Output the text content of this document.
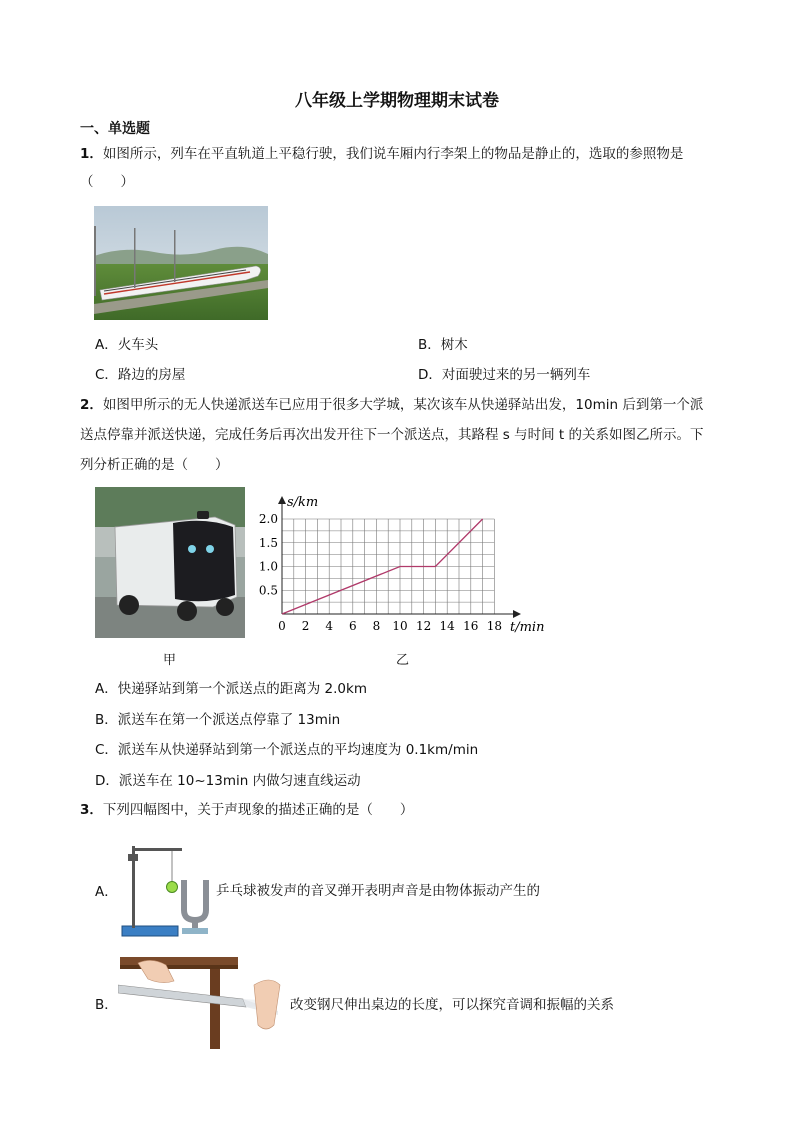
八年级上学期物理期末试卷
一、单选题
1．如图所示，列车在平直轨道上平稳行驶，我们说车厢内行李架上的物品是静止的，选取的参照物是
（　　）
A．火车头	B．树木
C．路边的房屋	D．对面驶过来的另一辆列车
2．如图甲所示的无人快递派送车已应用于很多大学城，某次该车从快递驿站出发，10min 后到第一个派
送点停靠并派送快递，完成任务后再次出发开往下一个派送点，其路程 s 与时间 t 的关系如图乙所示。下
列分析正确的是（　　）
0 2 4 6 8 10 12 14 16 18
0.5
1.0
1.5
2.0
s/km
t/min
甲	乙
A．快递驿站到第一个派送点的距离为 2.0km
B．派送车在第一个派送点停靠了 13min
C．派送车从快递驿站到第一个派送点的平均速度为 0.1km/min
D．派送车在 10~13min 内做匀速直线运动
3．下列四幅图中，关于声现象的描述正确的是（　　）
A．	乒乓球被发声的音叉弹开表明声音是由物体振动产生的
B．	改变钢尺伸出桌边的长度，可以探究音调和振幅的关系
